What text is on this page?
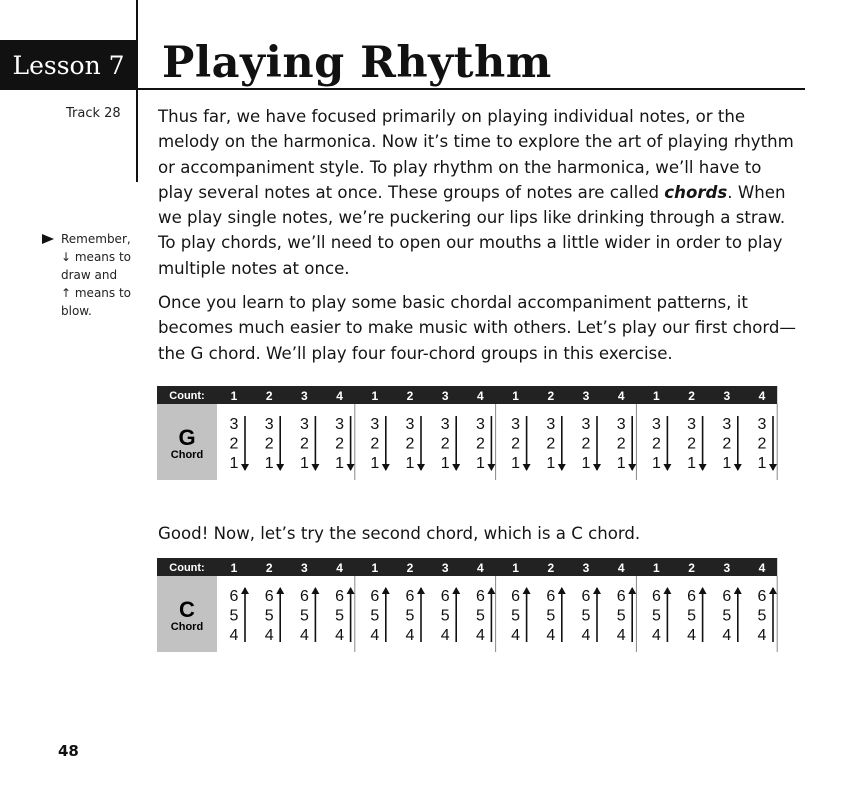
Lesson 7 Playing Rhythm
Track 28
Remember,
↓ means to
draw and
↑ means to
blow.

Thus far, we have focused primarily on playing individual notes, or the melody on the harmonica. Now it’s time to explore the art of playing rhythm or accompaniment style. To play rhythm on the harmonica, we’ll have to play several notes at once. These groups of notes are called chords. When we play single notes, we’re puckering our lips like drinking through a straw. To play chords, we’ll need to open our mouths a little wider in order to play multiple notes at once.

Once you learn to play some basic chordal accompaniment patterns, it becomes much easier to make music with others. Let’s play our first chord—the G chord. We’ll play four four-chord groups in this exercise.

Good! Now, let’s try the second chord, which is a C chord.

Count:
G
Chord
1
3
2
1
2
3
2
1
3
3
2
1
4
3
2
1
1
3
2
1
2
3
2
1
3
3
2
1
4
3
2
1
1
3
2
1
2
3
2
1
3
3
2
1
4
3
2
1
1
3
2
1
2
3
2
1
3
3
2
1
4
3
2
1
Count:
C
Chord
1
6
5
4
2
6
5
4
3
6
5
4
4
6
5
4
1
6
5
4
2
6
5
4
3
6
5
4
4
6
5
4
1
6
5
4
2
6
5
4
3
6
5
4
4
6
5
4
1
6
5
4
2
6
5
4
3
6
5
4
4
6
5
4
48
